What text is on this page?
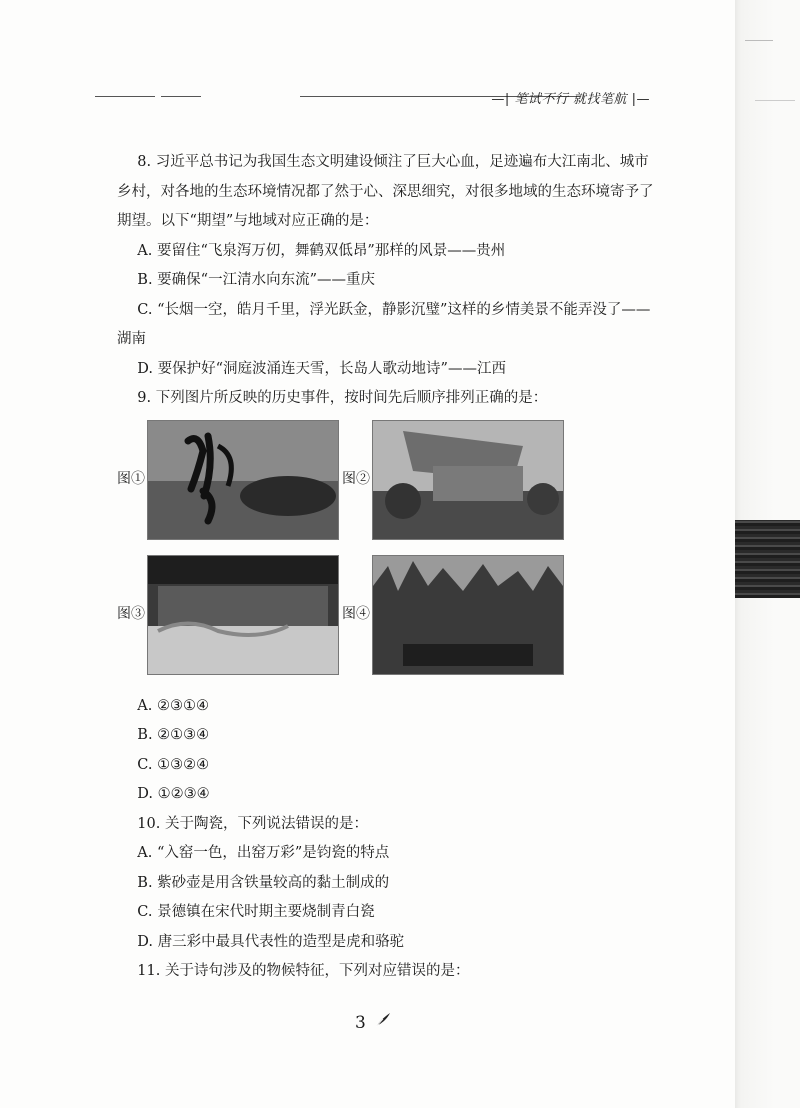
—| 笔试不行 就找笔航 |—

8. 习近平总书记为我国生态文明建设倾注了巨大心血，足迹遍布大江南北、城市乡村，对各地的生态环境情况都了然于心、深思细究，对很多地域的生态环境寄予了期望。以下“期望”与地域对应正确的是：

A. 要留住“飞泉泻万仞，舞鹤双低昂”那样的风景——贵州

B. 要确保“一江清水向东流”——重庆

C. “长烟一空，皓月千里，浮光跃金，静影沉璧”这样的乡情美景不能弄没了——湖南

D. 要保护好“洞庭波涌连天雪，长岛人歌动地诗”——江西

9. 下列图片所反映的历史事件，按时间先后顺序排列正确的是：

图①	图②
图③	图④

A. ②③①④

B. ②①③④

C. ①③②④

D. ①②③④

10. 关于陶瓷，下列说法错误的是：

A. “入窑一色，出窑万彩”是钧瓷的特点

B. 紫砂壶是用含铁量较高的黏土制成的

C. 景德镇在宋代时期主要烧制青白瓷

D. 唐三彩中最具代表性的造型是虎和骆驼

11. 关于诗句涉及的物候特征，下列对应错误的是：

3
